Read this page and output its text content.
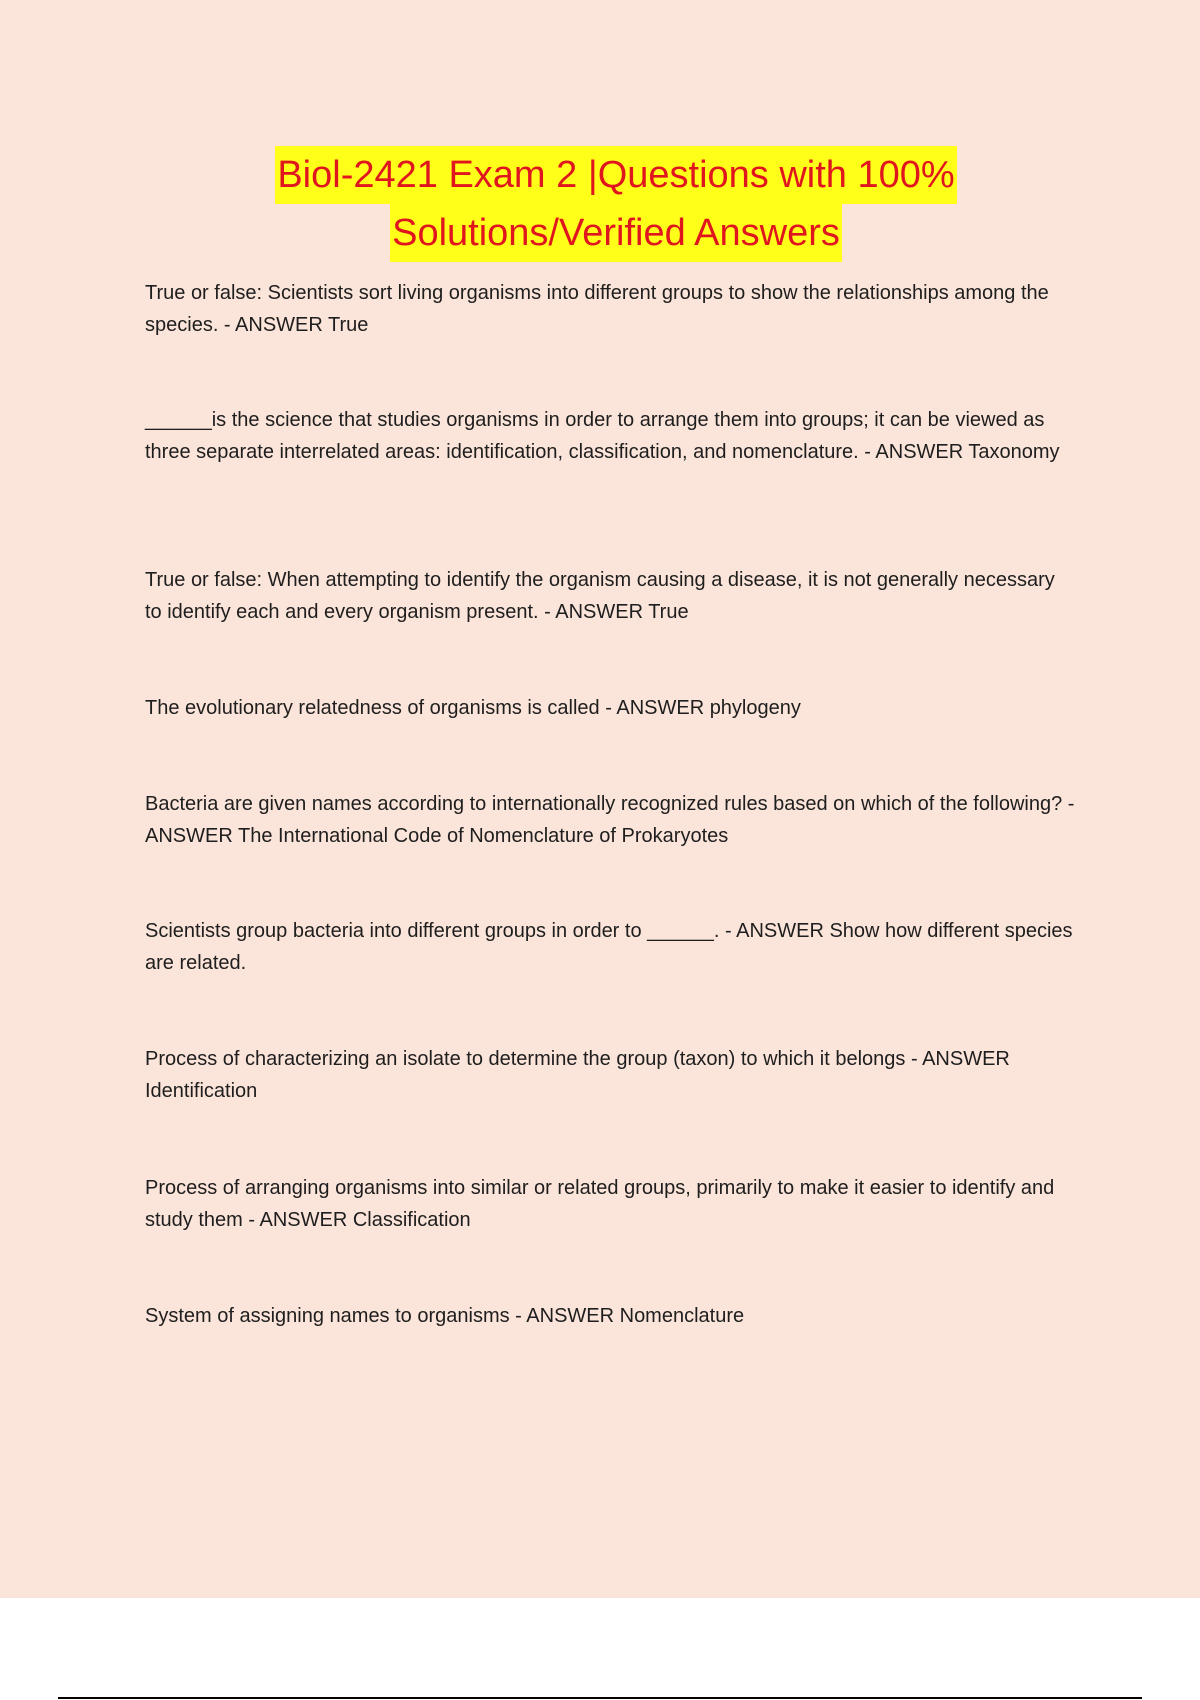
Biol-2421 Exam 2 |Questions with 100%
Solutions/Verified Answers

True or false: Scientists sort living organisms into different groups to show the relationships among the species. - ANSWER True

______is the science that studies organisms in order to arrange them into groups; it can be viewed as three separate interrelated areas: identification, classification, and nomenclature. - ANSWER Taxonomy

True or false: When attempting to identify the organism causing a disease, it is not generally necessary to identify each and every organism present. - ANSWER True

The evolutionary relatedness of organisms is called - ANSWER phylogeny

Bacteria are given names according to internationally recognized rules based on which of the following? - ANSWER The International Code of Nomenclature of Prokaryotes

Scientists group bacteria into different groups in order to ______. - ANSWER Show how different species are related.

Process of characterizing an isolate to determine the group (taxon) to which it belongs - ANSWER Identification

Process of arranging organisms into similar or related groups, primarily to make it easier to identify and study them - ANSWER Classification

System of assigning names to organisms - ANSWER Nomenclature
